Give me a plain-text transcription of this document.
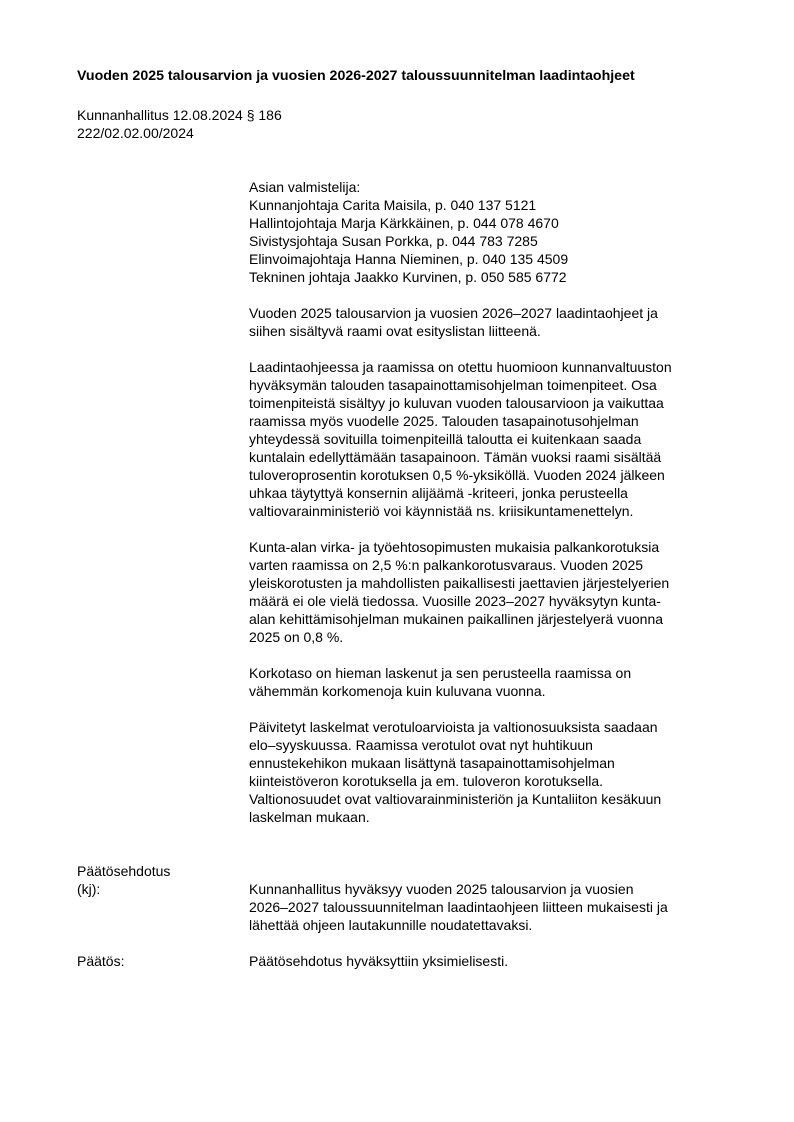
Vuoden 2025 talousarvion ja vuosien 2026-2027 taloussuunnitelman laadintaohjeet
Kunnanhallitus 12.08.2024 § 186
222/02.02.00/2024
Asian valmistelija:
Kunnanjohtaja Carita Maisila, p. 040 137 5121
Hallintojohtaja Marja Kärkkäinen, p. 044 078 4670
Sivistysjohtaja Susan Porkka, p. 044 783 7285
Elinvoimajohtaja Hanna Nieminen, p. 040 135 4509
Tekninen johtaja Jaakko Kurvinen, p. 050 585 6772
Vuoden 2025 talousarvion ja vuosien 2026–2027 laadintaohjeet ja
siihen sisältyvä raami ovat esityslistan liitteenä.
Laadintaohjeessa ja raamissa on otettu huomioon kunnanvaltuuston
hyväksymän talouden tasapainottamisohjelman toimenpiteet. Osa
toimenpiteistä sisältyy jo kuluvan vuoden talousarvioon ja vaikuttaa
raamissa myös vuodelle 2025. Talouden tasapainotusohjelman
yhteydessä sovituilla toimenpiteillä taloutta ei kuitenkaan saada
kuntalain edellyttämään tasapainoon. Tämän vuoksi raami sisältää
tuloveroprosentin korotuksen 0,5 %-yksiköllä. Vuoden 2024 jälkeen
uhkaa täytyttyä konsernin alijäämä -kriteeri, jonka perusteella
valtiovarainministeriö voi käynnistää ns. kriisikuntamenettelyn.
Kunta-alan virka- ja työehtosopimusten mukaisia palkankorotuksia
varten raamissa on 2,5 %:n palkankorotusvaraus. Vuoden 2025
yleiskorotusten ja mahdollisten paikallisesti jaettavien järjestelyerien
määrä ei ole vielä tiedossa. Vuosille 2023–2027 hyväksytyn kunta-
alan kehittämisohjelman mukainen paikallinen järjestelyerä vuonna
2025 on 0,8 %.
Korkotaso on hieman laskenut ja sen perusteella raamissa on
vähemmän korkomenoja kuin kuluvana vuonna.
Päivitetyt laskelmat verotuloarvioista ja valtionosuuksista saadaan
elo–syyskuussa. Raamissa verotulot ovat nyt huhtikuun
ennustekehikon mukaan lisättynä tasapainottamisohjelman
kiinteistöveron korotuksella ja em. tuloveron korotuksella.
Valtionosuudet ovat valtiovarainministeriön ja Kuntaliiton kesäkuun
laskelman mukaan.
Päätösehdotus
(kj):	Kunnanhallitus hyväksyy vuoden 2025 talousarvion ja vuosien
2026–2027 taloussuunnitelman laadintaohjeen liitteen mukaisesti ja
lähettää ohjeen lautakunnille noudatettavaksi.
Päätös:	Päätösehdotus hyväksyttiin yksimielisesti.
